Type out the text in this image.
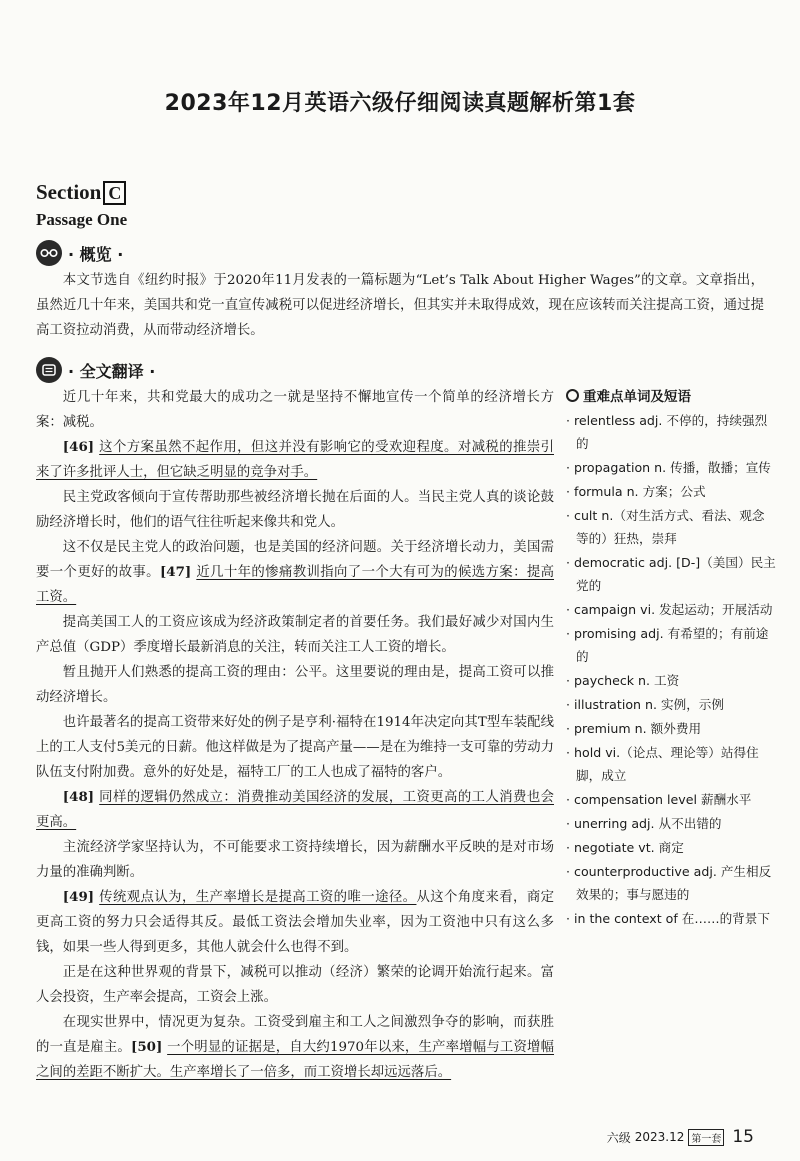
2023年12月英语六级仔细阅读真题解析第1套
Section C
Passage One
· 概览 ·
本文节选自《纽约时报》于2020年11月发表的一篇标题为“Let’s Talk About Higher Wages”的文章。文章指出，虽然近几十年来，美国共和党一直宣传减税可以促进经济增长，但其实并未取得成效，现在应该转而关注提高工资，通过提高工资拉动消费，从而带动经济增长。
· 全文翻译 ·

近几十年来，共和党最大的成功之一就是坚持不懈地宣传一个简单的经济增长方案：减税。

[46] 这个方案虽然不起作用，但这并没有影响它的受欢迎程度。对减税的推崇引来了许多批评人士，但它缺乏明显的竞争对手。

民主党政客倾向于宣传帮助那些被经济增长抛在后面的人。当民主党人真的谈论鼓励经济增长时，他们的语气往往听起来像共和党人。

这不仅是民主党人的政治问题，也是美国的经济问题。关于经济增长动力，美国需要一个更好的故事。[47] 近几十年的惨痛教训指向了一个大有可为的候选方案：提高工资。

提高美国工人的工资应该成为经济政策制定者的首要任务。我们最好减少对国内生产总值（GDP）季度增长最新消息的关注，转而关注工人工资的增长。

暂且抛开人们熟悉的提高工资的理由：公平。这里要说的理由是，提高工资可以推动经济增长。

也许最著名的提高工资带来好处的例子是亨利·福特在1914年决定向其T型车装配线上的工人支付5美元的日薪。他这样做是为了提高产量——是在为维持一支可靠的劳动力队伍支付附加费。意外的好处是，福特工厂的工人也成了福特的客户。

[48] 同样的逻辑仍然成立：消费推动美国经济的发展，工资更高的工人消费也会更高。

主流经济学家坚持认为，不可能要求工资持续增长，因为薪酬水平反映的是对市场力量的准确判断。

[49] 传统观点认为，生产率增长是提高工资的唯一途径。从这个角度来看，商定更高工资的努力只会适得其反。最低工资法会增加失业率，因为工资池中只有这么多钱，如果一些人得到更多，其他人就会什么也得不到。

正是在这种世界观的背景下，减税可以推动（经济）繁荣的论调开始流行起来。富人会投资，生产率会提高，工资会上涨。

在现实世界中，情况更为复杂。工资受到雇主和工人之间激烈争夺的影响，而获胜的一直是雇主。[50] 一个明显的证据是，自大约1970年以来，生产率增幅与工资增幅之间的差距不断扩大。生产率增长了一倍多，而工资增长却远远落后。

重难点单词及短语
· relentless adj. 不停的，持续强烈的
· propagation n. 传播，散播；宣传
· formula n. 方案；公式
· cult n.（对生活方式、看法、观念等的）狂热，崇拜
· democratic adj. [D-]（美国）民主党的
· campaign vi. 发起运动；开展活动
· promising adj. 有希望的；有前途的
· paycheck n. 工资
· illustration n. 实例，示例
· premium n. 额外费用
· hold vi.（论点、理论等）站得住脚，成立
· compensation level 薪酬水平
· unerring adj. 从不出错的
· negotiate vt. 商定
· counterproductive adj. 产生相反效果的；事与愿违的
· in the context of 在……的背景下
六级 2023.12 第一套 15
